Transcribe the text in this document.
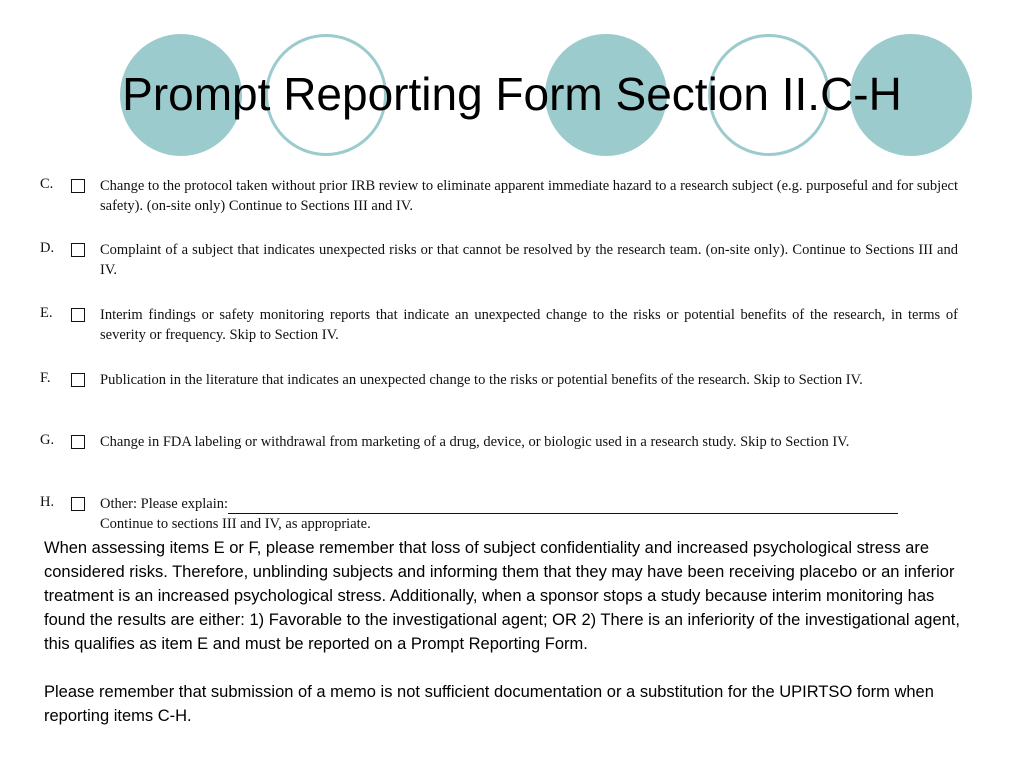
Prompt Reporting Form Section II.C-H
C.	Change to the protocol taken without prior IRB review to eliminate apparent immediate hazard to a research subject (e.g. purposeful and for subject safety). (on-site only) Continue to Sections III and IV.
D.	Complaint of a subject that indicates unexpected risks or that cannot be resolved by the research team. (on-site only). Continue to Sections III and IV.
E.	Interim findings or safety monitoring reports that indicate an unexpected change to the risks or potential benefits of the research, in terms of severity or frequency. Skip to Section IV.
F.	Publication in the literature that indicates an unexpected change to the risks or potential benefits of the research. Skip to Section IV.
G.	Change in FDA labeling or withdrawal from marketing of a drug, device, or biologic used in a research study. Skip to Section IV.
H.	Other: Please explain:
Continue to sections III and IV, as appropriate.

When assessing items E or F, please remember that loss of subject confidentiality and increased psychological stress are considered risks. Therefore, unblinding subjects and informing them that they may have been receiving placebo or an inferior treatment is an increased psychological stress. Additionally, when a sponsor stops a study because interim monitoring has found the results are either: 1) Favorable to the investigational agent; OR 2) There is an inferiority of the investigational agent, this qualifies as item E and must be reported on a Prompt Reporting Form.

Please remember that submission of a memo is not sufficient documentation or a substitution for the UPIRTSO form when reporting items C-H.
